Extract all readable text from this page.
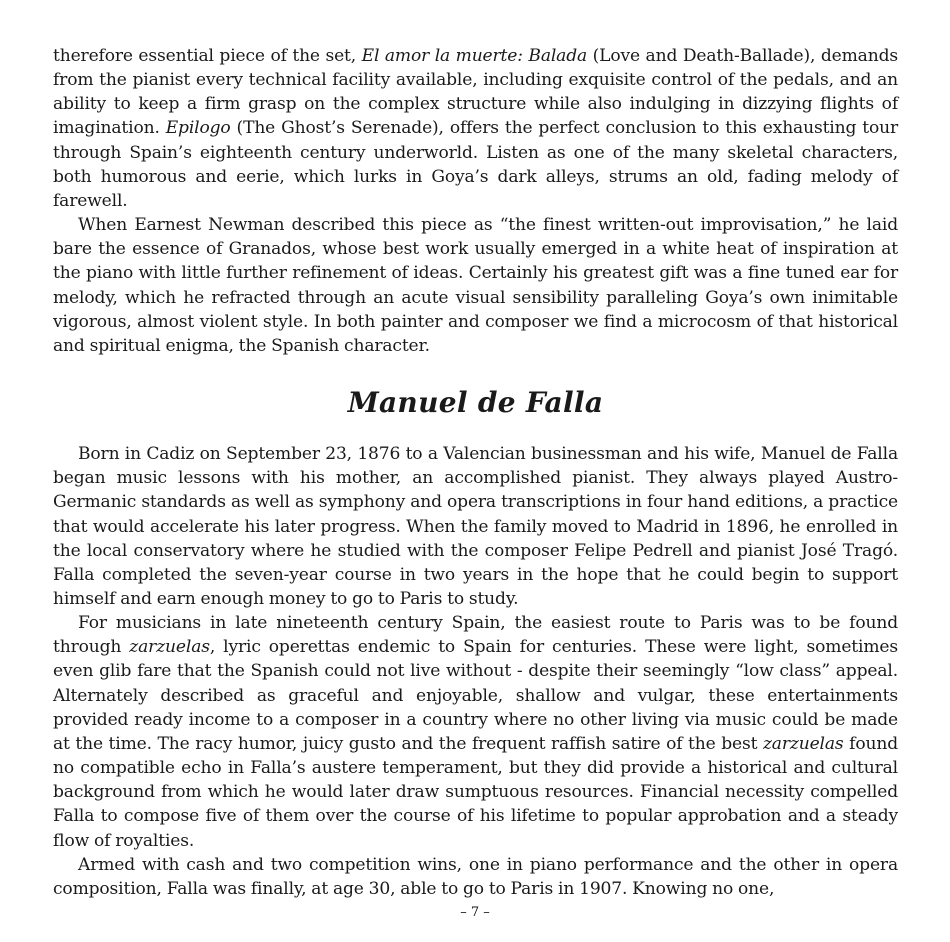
therefore essential piece of the set, El amor la muerte: Balada (Love and Death-Ballade), demands from the pianist every technical facility available, including exquisite control of the pedals, and an ability to keep a firm grasp on the complex structure while also indulging in dizzying flights of imagination. Epilogo (The Ghost’s Serenade), offers the perfect conclusion to this exhausting tour through Spain’s eighteenth century underworld. Listen as one of the many skeletal characters, both humorous and eerie, which lurks in Goya’s dark alleys, strums an old, fading melody of farewell.

When Earnest Newman described this piece as “the finest written-out improvisation,” he laid bare the essence of Granados, whose best work usually emerged in a white heat of inspiration at the piano with little further refinement of ideas. Certainly his greatest gift was a fine tuned ear for melody, which he refracted through an acute visual sensibility paralleling Goya’s own inimitable vigorous, almost violent style. In both painter and composer we find a microcosm of that historical and spiritual enigma, the Spanish character.

Manuel de Falla

Born in Cadiz on September 23, 1876 to a Valencian businessman and his wife, Manuel de Falla began music lessons with his mother, an accomplished pianist. They always played Austro-Germanic standards as well as symphony and opera transcriptions in four hand editions, a practice that would accelerate his later progress. When the family moved to Madrid in 1896, he enrolled in the local conservatory where he studied with the composer Felipe Pedrell and pianist José Tragó. Falla completed the seven-year course in two years in the hope that he could begin to support himself and earn enough money to go to Paris to study.

For musicians in late nineteenth century Spain, the easiest route to Paris was to be found through zarzuelas, lyric operettas endemic to Spain for centuries. These were light, sometimes even glib fare that the Spanish could not live without - despite their seemingly “low class” appeal. Alternately described as graceful and enjoyable, shallow and vulgar, these entertainments provided ready income to a composer in a country where no other living via music could be made at the time. The racy humor, juicy gusto and the frequent raffish satire of the best zarzuelas found no compatible echo in Falla’s austere temperament, but they did provide a historical and cultural background from which he would later draw sumptuous resources. Financial necessity compelled Falla to compose five of them over the course of his lifetime to popular approbation and a steady flow of royalties.

Armed with cash and two competition wins, one in piano performance and the other in opera composition, Falla was finally, at age 30, able to go to Paris in 1907. Knowing no one,

– 7 –
